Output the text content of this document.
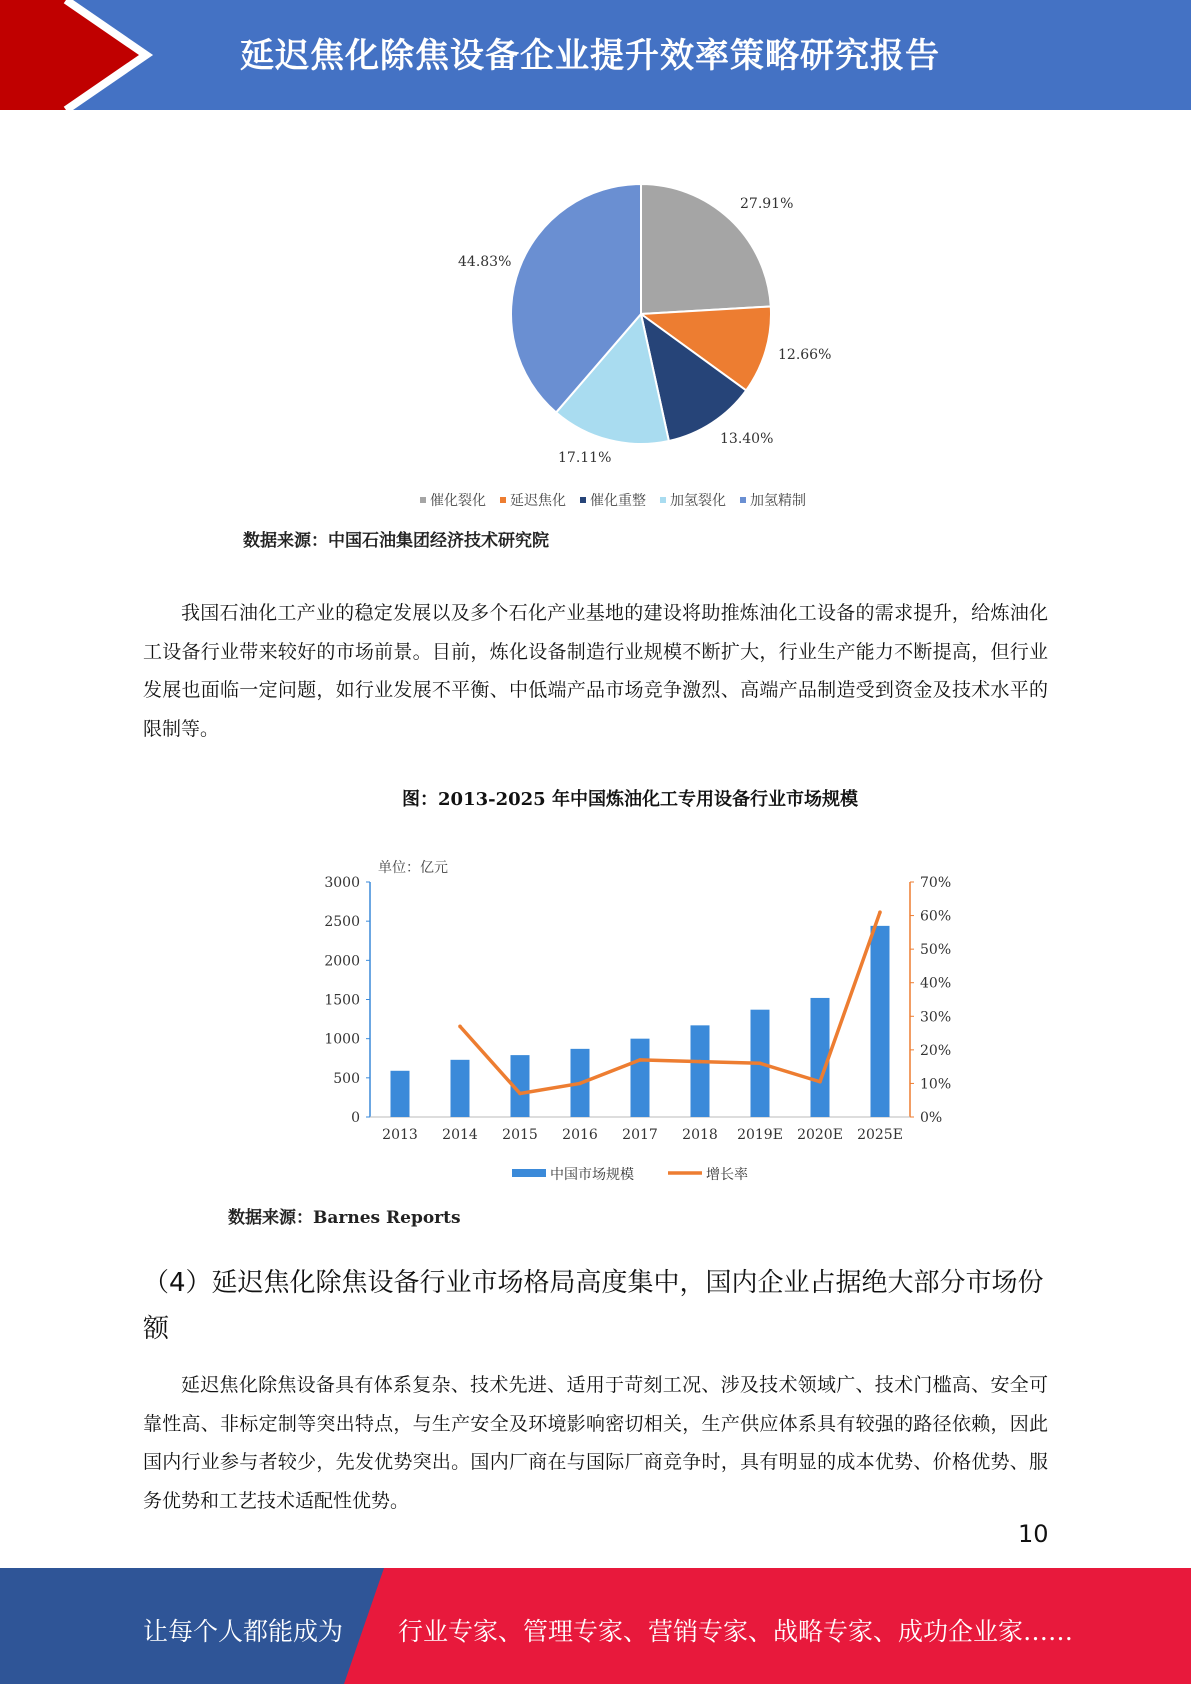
延迟焦化除焦设备企业提升效率策略研究报告
27.91%
12.66%
13.40%
17.11%
44.83%
催化裂化 延迟焦化 催化重整 加氢裂化 加氢精制
数据来源：中国石油集团经济技术研究院
我国石油化工产业的稳定发展以及多个石化产业基地的建设将助推炼油化工设备的需求提升，给炼油化工设备行业带来较好的市场前景。目前，炼化设备制造行业规模不断扩大，行业生产能力不断提高，但行业发展也面临一定问题，如行业发展不平衡、中低端产品市场竞争激烈、高端产品制造受到资金及技术水平的限制等。
图：2013-2025 年中国炼油化工专用设备行业市场规模
单位：亿元
0
500
1000
1500
2000
2500
3000
0%
10%
20%
30%
40%
50%
60%
70%
2013 2014 2015 2016 2017 2018 2019E 2020E 2025E
中国市场规模	增长率
数据来源：Barnes Reports
（4）延迟焦化除焦设备行业市场格局高度集中，国内企业占据绝大部分市场份额
延迟焦化除焦设备具有体系复杂、技术先进、适用于苛刻工况、涉及技术领域广、技术门槛高、安全可靠性高、非标定制等突出特点，与生产安全及环境影响密切相关，生产供应体系具有较强的路径依赖，因此国内行业参与者较少，先发优势突出。国内厂商在与国际厂商竞争时，具有明显的成本优势、价格优势、服务优势和工艺技术适配性优势。
10
让每个人都能成为 行业专家、管理专家、营销专家、战略专家、成功企业家……
